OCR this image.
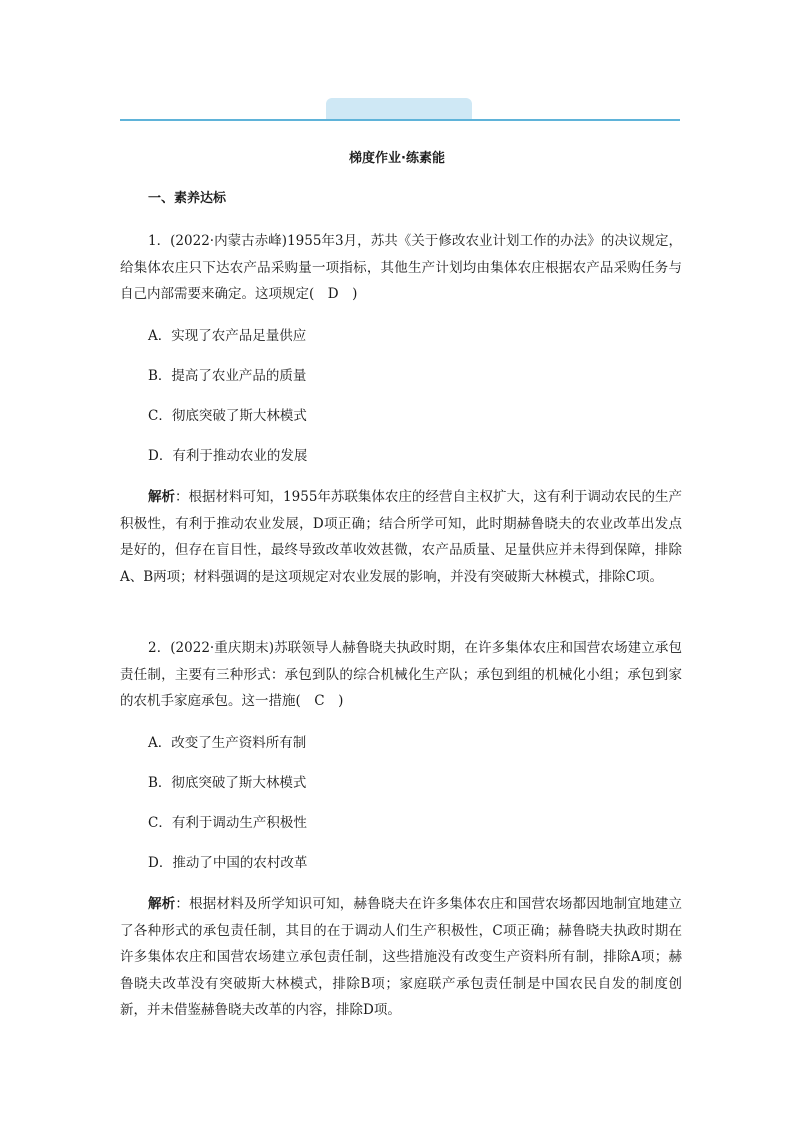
梯度作业·练素能
一、素养达标

1．(2022·内蒙古赤峰)1955年3月，苏共《关于修改农业计划工作的办法》的决议规定，给集体农庄只下达农产品采购量一项指标，其他生产计划均由集体农庄根据农产品采购任务与自己内部需要来确定。这项规定(　D　)

A．实现了农产品足量供应

B．提高了农业产品的质量

C．彻底突破了斯大林模式

D．有利于推动农业的发展

解析：根据材料可知，1955年苏联集体农庄的经营自主权扩大，这有利于调动农民的生产积极性，有利于推动农业发展，D项正确；结合所学可知，此时期赫鲁晓夫的农业改革出发点是好的，但存在盲目性，最终导致改革收效甚微，农产品质量、足量供应并未得到保障，排除A、B两项；材料强调的是这项规定对农业发展的影响，并没有突破斯大林模式，排除C项。

2．(2022·重庆期末)苏联领导人赫鲁晓夫执政时期，在许多集体农庄和国营农场建立承包责任制，主要有三种形式：承包到队的综合机械化生产队；承包到组的机械化小组；承包到家的农机手家庭承包。这一措施(　C　)

A．改变了生产资料所有制

B．彻底突破了斯大林模式

C．有利于调动生产积极性

D．推动了中国的农村改革

解析：根据材料及所学知识可知，赫鲁晓夫在许多集体农庄和国营农场都因地制宜地建立了各种形式的承包责任制，其目的在于调动人们生产积极性，C项正确；赫鲁晓夫执政时期在许多集体农庄和国营农场建立承包责任制，这些措施没有改变生产资料所有制，排除A项；赫鲁晓夫改革没有突破斯大林模式，排除B项；家庭联产承包责任制是中国农民自发的制度创新，并未借鉴赫鲁晓夫改革的内容，排除D项。
